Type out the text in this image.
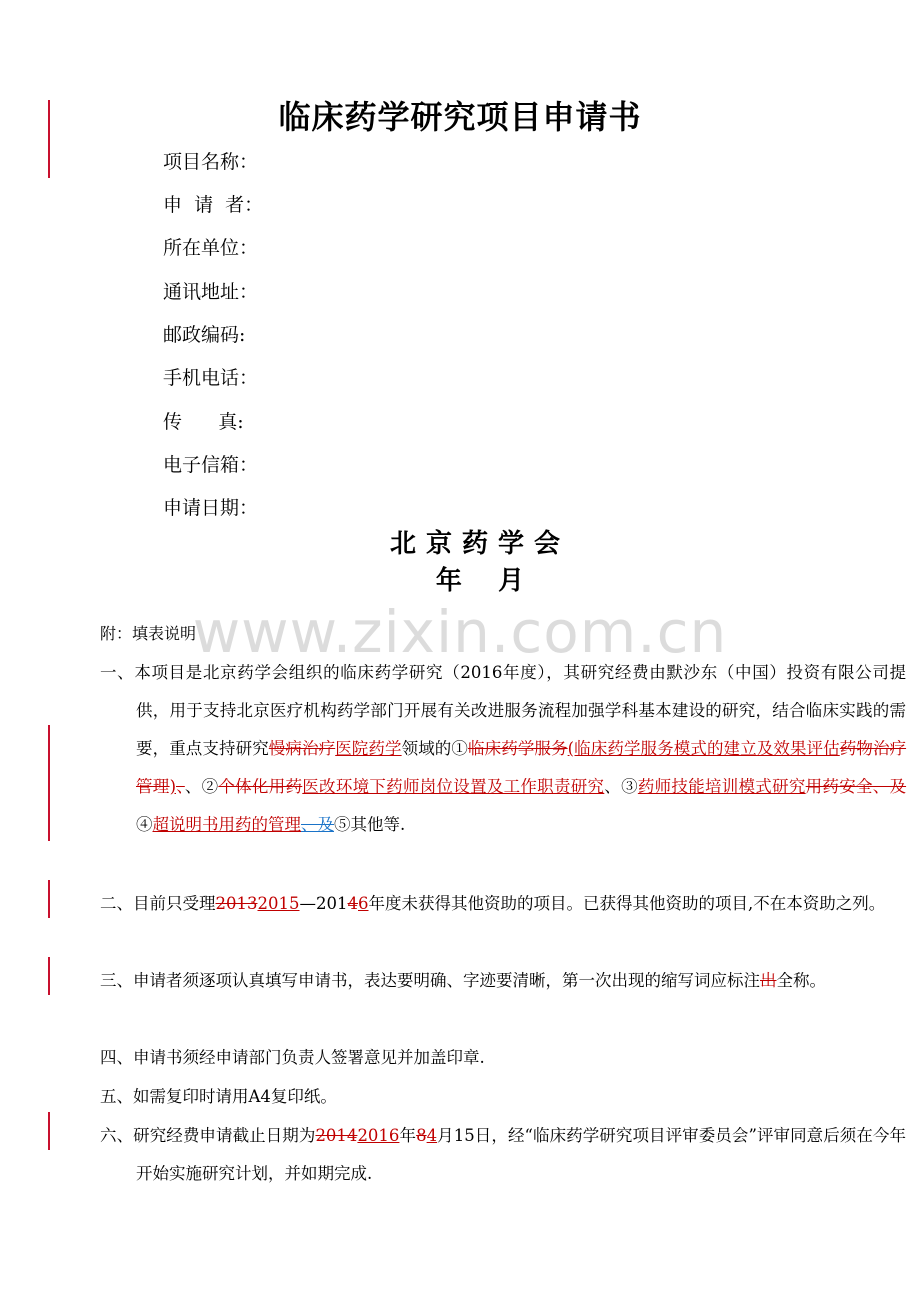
临床药学研究项目申请书
项目名称：
申  请  者：
所在单位：
通讯地址：
邮政编码:
手机电话：
传      真:
电子信箱：
申请日期：
北京药学会
年    月
www.zixin.com.cn
附：填表说明
一、本项目是北京药学会组织的临床药学研究（2016年度），其研究经费由默沙东（中国）投资有限公司提供，用于支持北京医疗机构药学部门开展有关改进服务流程加强学科基本建设的研究，结合临床实践的需要，重点支持研究慢病治疗医院药学领域的①临床药学服务(临床药学服务模式的建立及效果评估药物治疗管理)、、②个体化用药医改环境下药师岗位设置及工作职责研究、③药师技能培训模式研究用药安全、及④超说明书用药的管理、及⑤其他等.
二、目前只受理20132015—20146年度未获得其他资助的项目。已获得其他资助的项目,不在本资助之列。
三、申请者须逐项认真填写申请书，表达要明确、字迹要清晰，第一次出现的缩写词应标注出全称。
四、申请书须经申请部门负责人签署意见并加盖印章.
五、如需复印时请用A4复印纸。
六、研究经费申请截止日期为20142016年84月15日，经“临床药学研究项目评审委员会”评审同意后须在今年开始实施研究计划，并如期完成.
